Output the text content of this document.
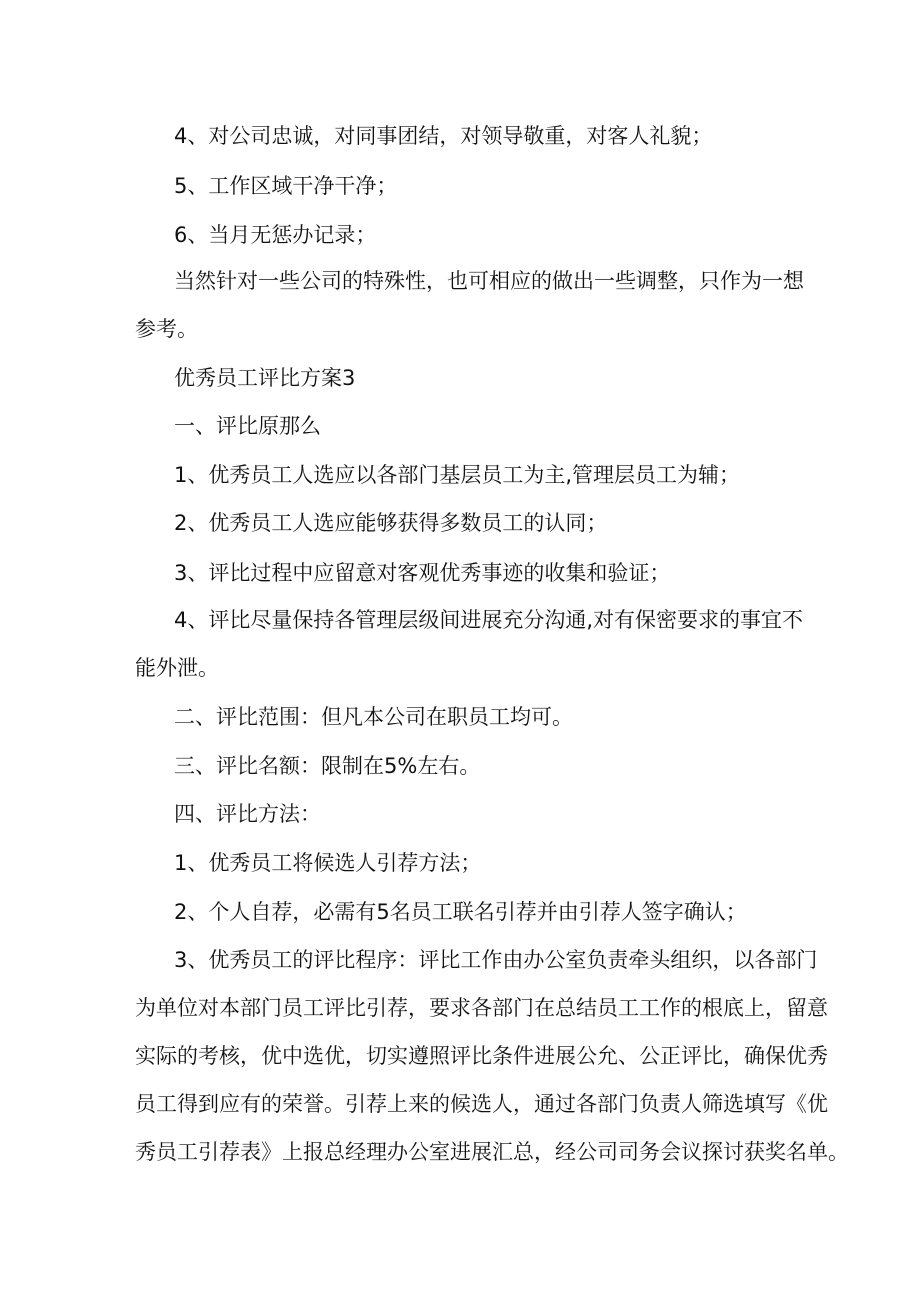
4、对公司忠诚，对同事团结，对领导敬重，对客人礼貌；
5、工作区域干净干净；
6、当月无惩办记录；
当然针对一些公司的特殊性，也可相应的做出一些调整，只作为一想
参考。
优秀员工评比方案3
一、评比原那么
1、优秀员工人选应以各部门基层员工为主,管理层员工为辅；
2、优秀员工人选应能够获得多数员工的认同；
3、评比过程中应留意对客观优秀事迹的收集和验证；
4、评比尽量保持各管理层级间进展充分沟通,对有保密要求的事宜不
能外泄。
二、评比范围：但凡本公司在职员工均可。
三、评比名额：限制在5%左右。
四、评比方法：
1、优秀员工将候选人引荐方法；
2、个人自荐，必需有5名员工联名引荐并由引荐人签字确认；
3、优秀员工的评比程序：评比工作由办公室负责牵头组织，以各部门
为单位对本部门员工评比引荐，要求各部门在总结员工工作的根底上，留意
实际的考核，优中选优，切实遵照评比条件进展公允、公正评比，确保优秀
员工得到应有的荣誉。引荐上来的候选人，通过各部门负责人筛选填写《优
秀员工引荐表》上报总经理办公室进展汇总，经公司司务会议探讨获奖名单。
